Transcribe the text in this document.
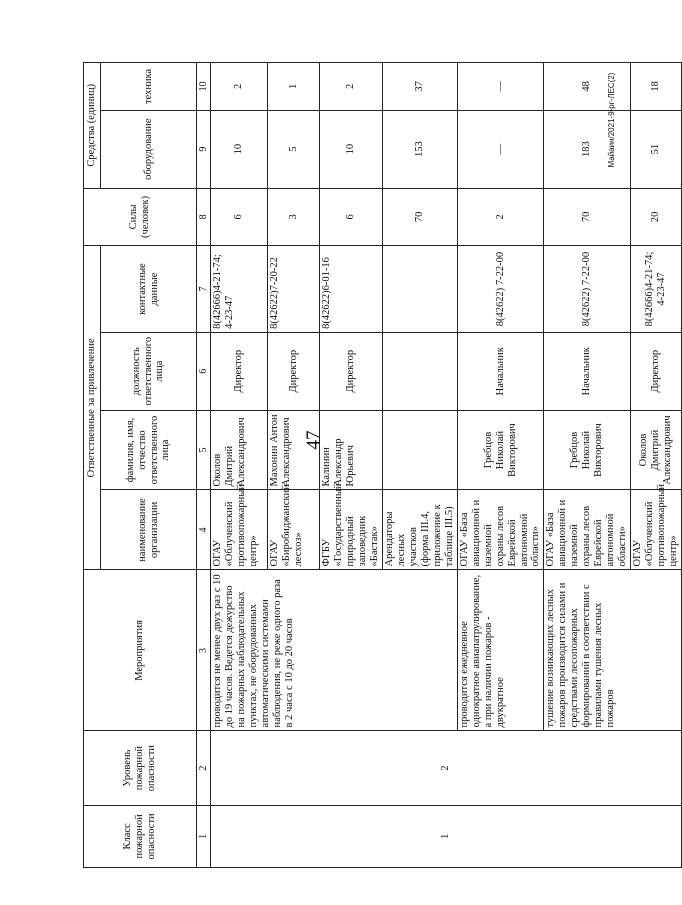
47
Майаин/2021-9-рг-ЛЕС(2)
Класс пожарной опасности	Уровень пожарной опасности	Мероприятия	Ответственные за привлечение				Силы (человек)	Средства (единиц)	
			наименование организации	фамилия, имя, отчество ответственного лица	должность ответственного лица	контактные данные		оборудование	техника
1	2	3	4	5	6	7	8	9	10
1	2	проводится не менее двух раз с 10 до 19 часов. Ведется дежурство на пожарных наблюдательных пунктах, не оборудованных автоматическими системами наблюдения, не реже одного раза в 2 часа с 10 до 20 часов	ОГАУ «Облученский противопожарный центр»	Околов Дмитрий Александрович	Директор	8(42666)4-21-74; 4-23-47	6	10	2
			ОГАУ «Биробиджанский лесхоз»	Махонин Антон Александрович	Директор	8(42622)7-20-22	3	5	1
			ФГБУ «Государственный природный заповедник «Бастак»	Калинин Александр Юрьевич	Директор	8(42622)6-01-16	6	10	2
			Арендаторы лесных участков (форма III.4, приложение к таблице III.5)				70	153	37
		проводится ежедневное однократное авиапатрулирование, а при наличии пожаров - двукратное	ОГАУ «База авиационной и наземной охраны лесов Еврейской автономной области»	Гребцов Николай Викторович	Начальник	8(42622) 7-22-00	2	—	—
		тушение возникающих лесных пожаров производится силами и средствами лесопожарных формирований в соответствии с правилами тушения лесных пожаров	ОГАУ «База авиационной и наземной охраны лесов Еврейской автономной области»	Гребцов Николай Викторович	Начальник	8(42622) 7-22-00	70	183	48
			ОГАУ «Облученский противопожарный центр»	Околов Дмитрий Александрович	Директор	8(42666)4-21-74; 4-23-47	20	51	18
